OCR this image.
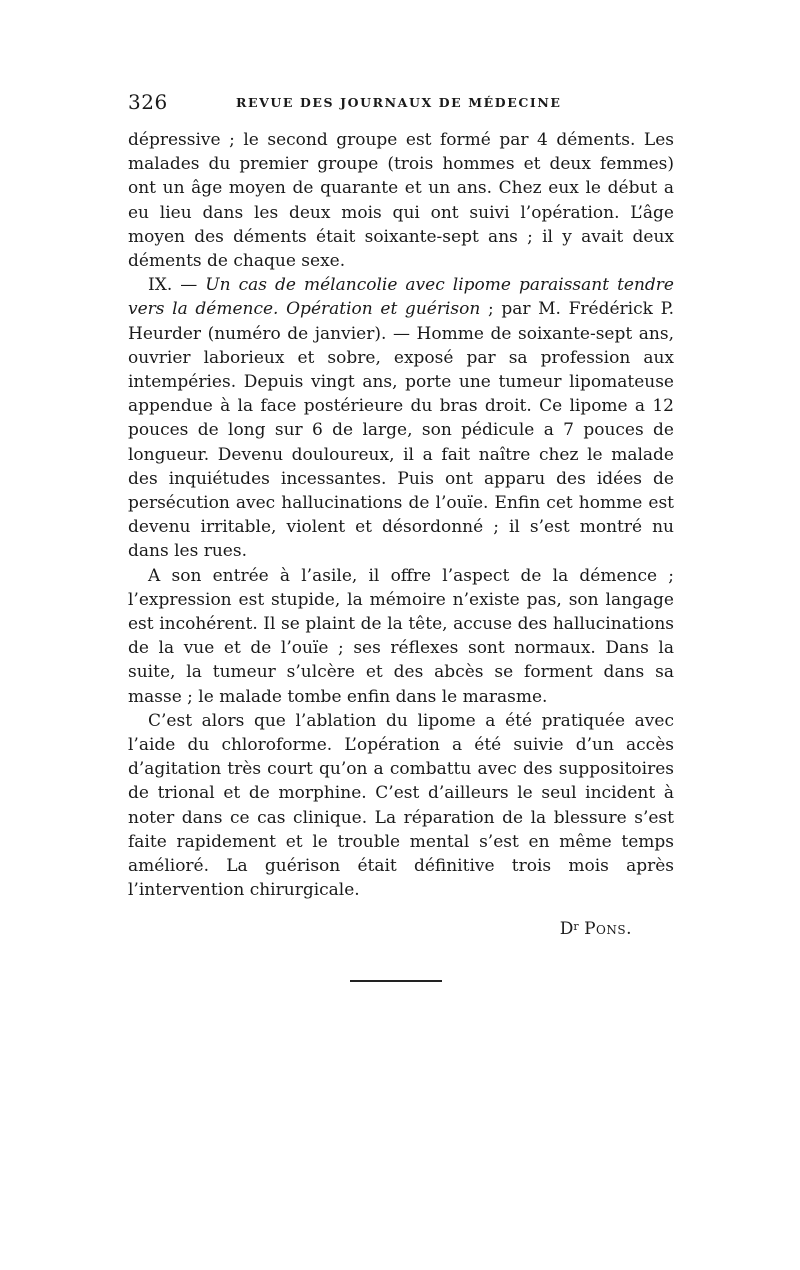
326	REVUE DES JOURNAUX DE MÉDECINE

dépressive ; le second groupe est formé par 4 déments. Les malades du premier groupe (trois hommes et deux femmes) ont un âge moyen de quarante et un ans. Chez eux le début a eu lieu dans les deux mois qui ont suivi l’opération. L’âge moyen des déments était soixante-sept ans ; il y avait deux déments de chaque sexe.

IX. — Un cas de mélancolie avec lipome paraissant tendre vers la démence. Opération et guérison ; par M. Frédérick P. Heurder (numéro de janvier). — Homme de soixante-sept ans, ouvrier laborieux et sobre, exposé par sa profession aux intempéries. Depuis vingt ans, porte une tumeur lipomateuse appendue à la face postérieure du bras droit. Ce lipome a 12 pouces de long sur 6 de large, son pédicule a 7 pouces de longueur. Devenu douloureux, il a fait naître chez le malade des inquiétudes incessantes. Puis ont apparu des idées de persécution avec hallucinations de l’ouïe. Enfin cet homme est devenu irritable, violent et désordonné ; il s’est montré nu dans les rues.

A son entrée à l’asile, il offre l’aspect de la démence ; l’expression est stupide, la mémoire n’existe pas, son langage est incohérent. Il se plaint de la tête, accuse des hallucinations de la vue et de l’ouïe ; ses réflexes sont normaux. Dans la suite, la tumeur s’ulcère et des abcès se forment dans sa masse ; le malade tombe enfin dans le marasme.

C’est alors que l’ablation du lipome a été pratiquée avec l’aide du chloroforme. L’opération a été suivie d’un accès d’agitation très court qu’on a combattu avec des suppositoires de trional et de morphine. C’est d’ailleurs le seul incident à noter dans ce cas clinique. La réparation de la blessure s’est faite rapidement et le trouble mental s’est en même temps amélioré. La guérison était définitive trois mois après l’intervention chirurgicale.

$D^r$ Pons.
